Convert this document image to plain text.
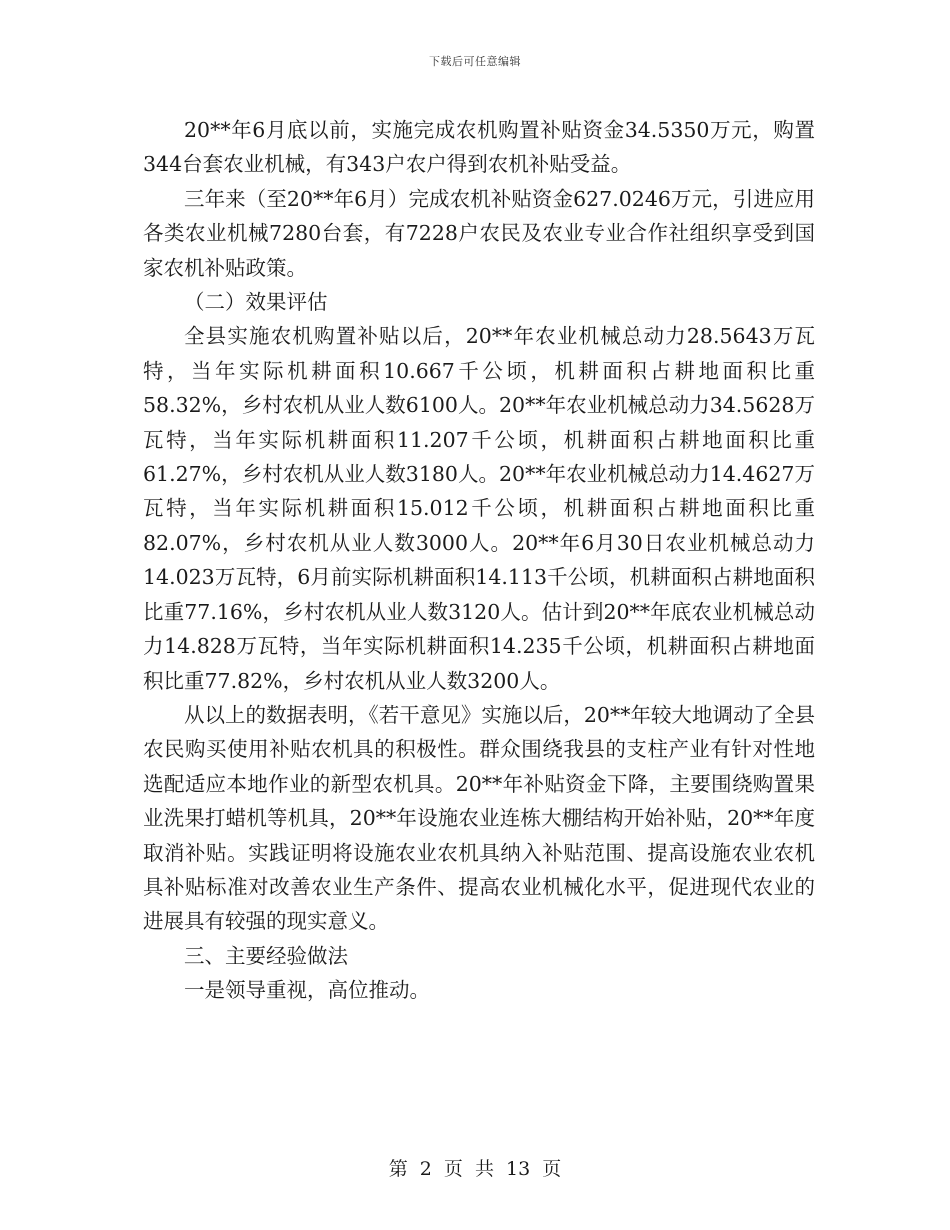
下载后可任意编辑

20**年6月底以前，实施完成农机购置补贴资金34.5350万元，购置344台套农业机械，有343户农户得到农机补贴受益。

三年来（至20**年6月）完成农机补贴资金627.0246万元，引进应用各类农业机械7280台套，有7228户农民及农业专业合作社组织享受到国家农机补贴政策。

（二）效果评估

全县实施农机购置补贴以后，20**年农业机械总动力28.5643万瓦特，当年实际机耕面积10.667千公顷，机耕面积占耕地面积比重58.32%，乡村农机从业人数6100人。20**年农业机械总动力34.5628万瓦特，当年实际机耕面积11.207千公顷，机耕面积占耕地面积比重61.27%，乡村农机从业人数3180人。20**年农业机械总动力14.4627万瓦特，当年实际机耕面积15.012千公顷，机耕面积占耕地面积比重82.07%，乡村农机从业人数3000人。20**年6月30日农业机械总动力14.023万瓦特，6月前实际机耕面积14.113千公顷，机耕面积占耕地面积比重77.16%，乡村农机从业人数3120人。估计到20**年底农业机械总动力14.828万瓦特，当年实际机耕面积14.235千公顷，机耕面积占耕地面积比重77.82%，乡村农机从业人数3200人。

从以上的数据表明，《若干意见》实施以后，20**年较大地调动了全县农民购买使用补贴农机具的积极性。群众围绕我县的支柱产业有针对性地选配适应本地作业的新型农机具。20**年补贴资金下降，主要围绕购置果业洗果打蜡机等机具，20**年设施农业连栋大棚结构开始补贴，20**年度取消补贴。实践证明将设施农业农机具纳入补贴范围、提高设施农业农机具补贴标准对改善农业生产条件、提高农业机械化水平，促进现代农业的进展具有较强的现实意义。

三、主要经验做法

一是领导重视，高位推动。

第 2 页 共 13 页
